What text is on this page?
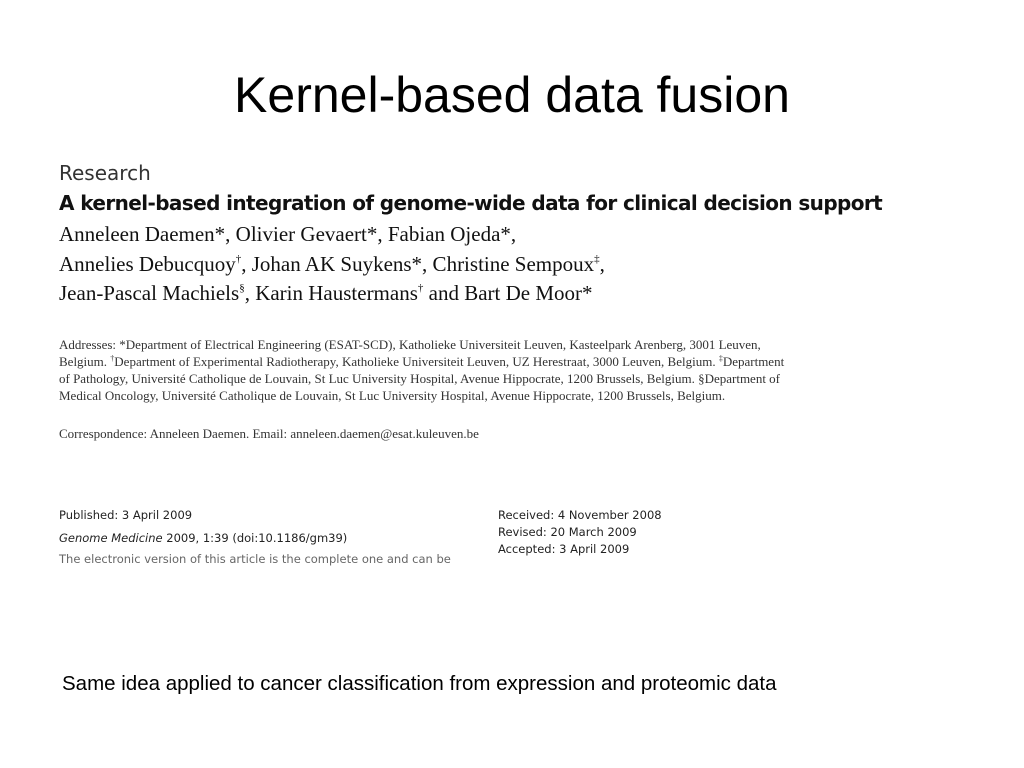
Kernel-based data fusion
Research
A kernel-based integration of genome-wide data for clinical decision support
Anneleen Daemen*, Olivier Gevaert*, Fabian Ojeda*,
Annelies Debucquoy†, Johan AK Suykens*, Christine Sempoux‡,
Jean-Pascal Machiels§, Karin Haustermans† and Bart De Moor*
Addresses: *Department of Electrical Engineering (ESAT-SCD), Katholieke Universiteit Leuven, Kasteelpark Arenberg, 3001 Leuven,
Belgium. †Department of Experimental Radiotherapy, Katholieke Universiteit Leuven, UZ Herestraat, 3000 Leuven, Belgium. ‡Department
of Pathology, Université Catholique de Louvain, St Luc University Hospital, Avenue Hippocrate, 1200 Brussels, Belgium. §Department of
Medical Oncology, Université Catholique de Louvain, St Luc University Hospital, Avenue Hippocrate, 1200 Brussels, Belgium.
Correspondence: Anneleen Daemen. Email: anneleen.daemen@esat.kuleuven.be
Published: 3 April 2009
Genome Medicine 2009, 1:39 (doi:10.1186/gm39)
The electronic version of this article is the complete one and can be
Received: 4 November 2008
Revised: 20 March 2009
Accepted: 3 April 2009
Same idea applied to cancer classification from expression and proteomic data
